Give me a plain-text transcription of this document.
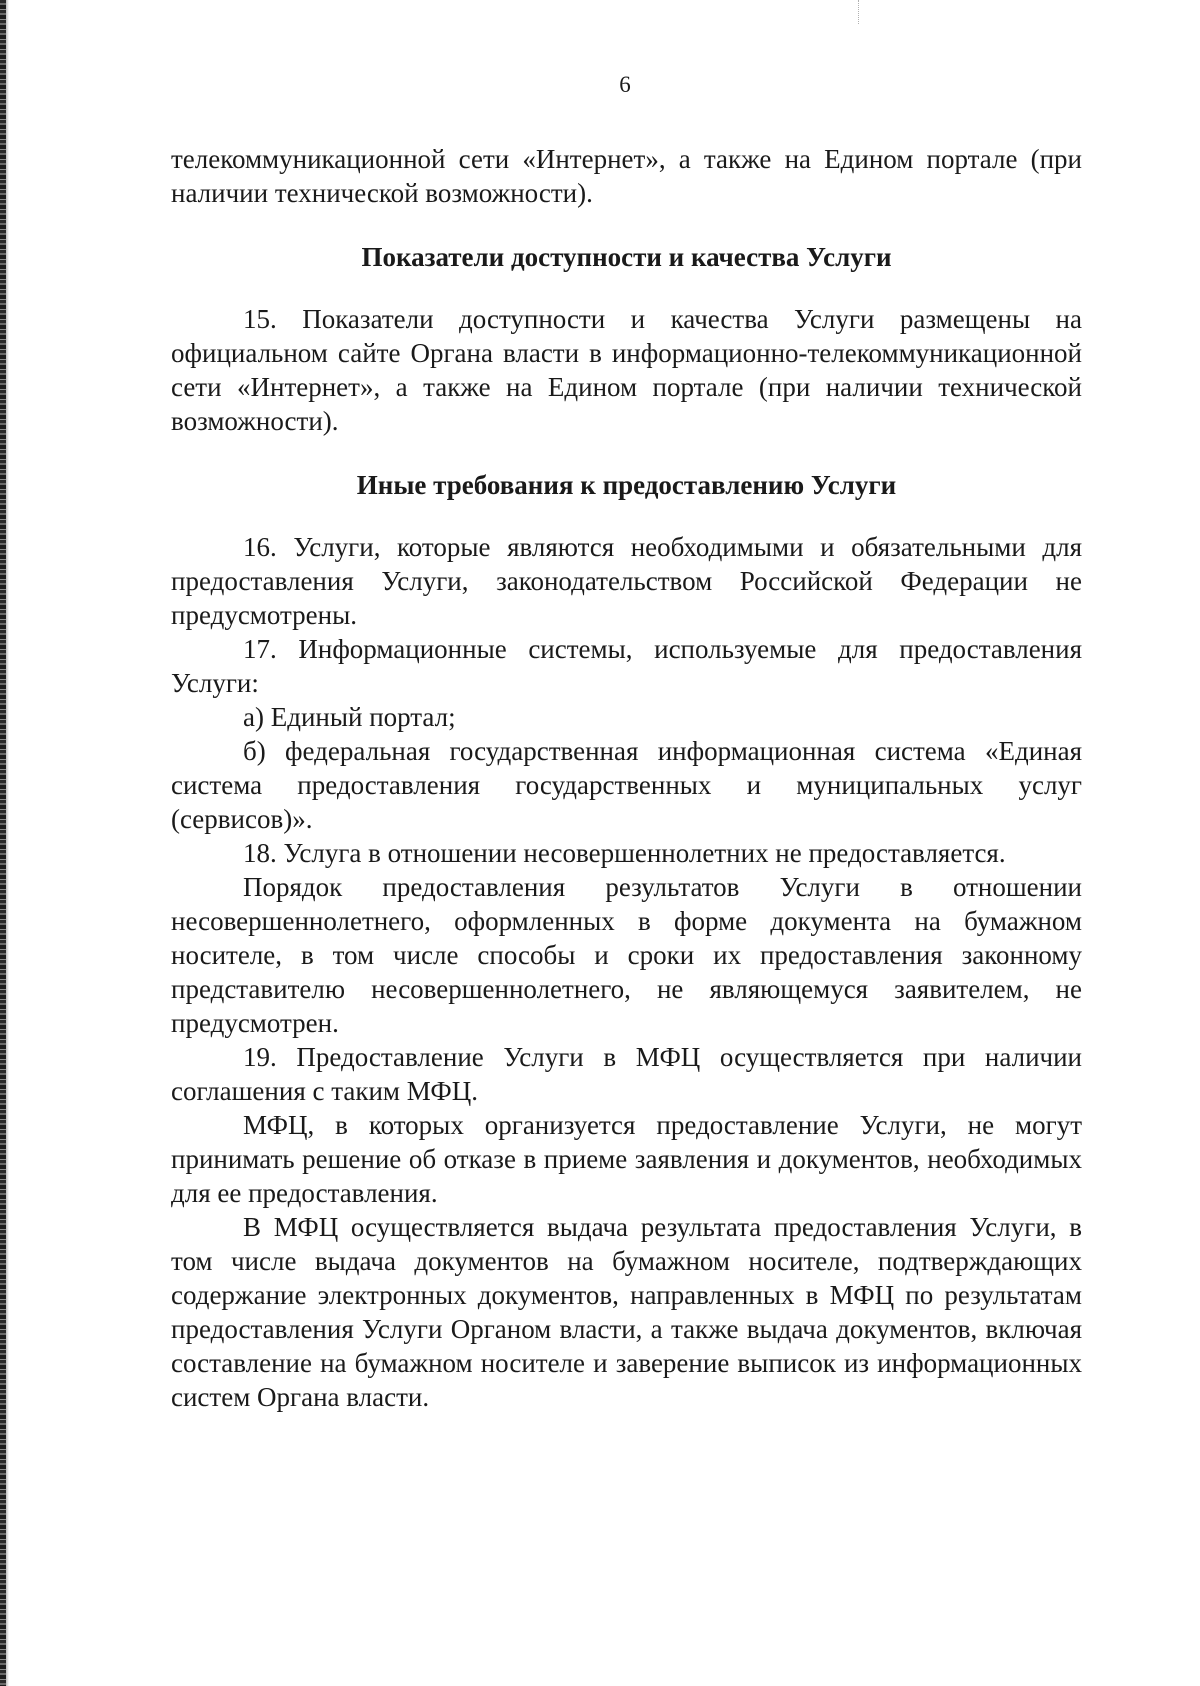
6

телекоммуникационной сети «Интернет», а также на Едином портале (при наличии технической возможности).

Показатели доступности и качества Услуги

15. Показатели доступности и качества Услуги размещены на официальном сайте Органа власти в информационно-телекоммуникационной сети «Интернет», а также на Едином портале (при наличии технической возможности).

Иные требования к предоставлению Услуги

16. Услуги, которые являются необходимыми и обязательными для предоставления Услуги, законодательством Российской Федерации не предусмотрены.

17. Информационные системы, используемые для предоставления Услуги:

а) Единый портал;

б) федеральная государственная информационная система «Единая система предоставления государственных и муниципальных услуг (сервисов)».

18. Услуга в отношении несовершеннолетних не предоставляется.

Порядок предоставления результатов Услуги в отношении несовершеннолетнего, оформленных в форме документа на бумажном носителе, в том числе способы и сроки их предоставления законному представителю несовершеннолетнего, не являющемуся заявителем, не предусмотрен.

19. Предоставление Услуги в МФЦ осуществляется при наличии соглашения с таким МФЦ.

МФЦ, в которых организуется предоставление Услуги, не могут принимать решение об отказе в приеме заявления и документов, необходимых для ее предоставления.

В МФЦ осуществляется выдача результата предоставления Услуги, в том числе выдача документов на бумажном носителе, подтверждающих содержание электронных документов, направленных в МФЦ по результатам предоставления Услуги Органом власти, а также выдача документов, включая составление на бумажном носителе и заверение выписок из информационных систем Органа власти.
